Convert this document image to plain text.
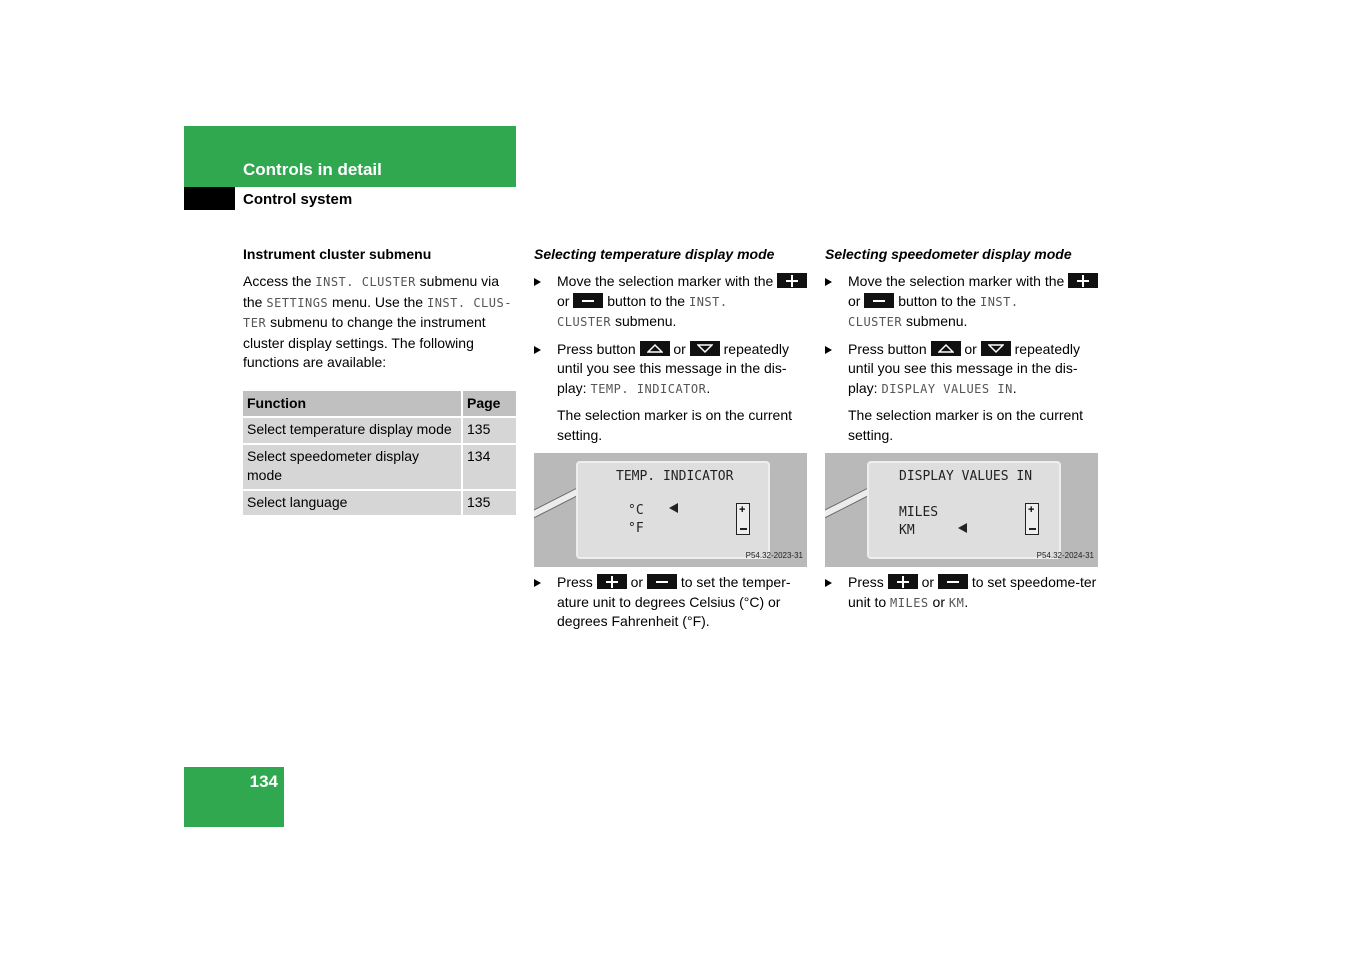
Controls in detail
Control system

Instrument cluster submenu

Access the INST. CLUSTER submenu via the SETTINGS menu. Use the INST. CLUS-
TER submenu to change the instrument cluster display settings. The following functions are available:

Function	Page
Select temperature display mode	135
Select speedometer display mode	134
Select language	135

Selecting temperature display mode

Move the selection marker with the  or	button to the INST.
CLUSTER submenu.
Press button	or	repeatedly until you see this message in the dis-play: TEMP. INDICATOR.

The selection marker is on the current setting.

TEMP. INDICATOR
°C
°F
+
P54.32-2023-31
Press	or	to set the temper-ature unit to degrees Celsius (°C) or degrees Fahrenheit (°F).

Selecting speedometer display mode

Move the selection marker with the  or	button to the INST.
CLUSTER submenu.
Press button	or	repeatedly until you see this message in the dis-play: DISPLAY VALUES IN.

The selection marker is on the current setting.

DISPLAY VALUES IN
MILES
KM
+
P54.32-2024-31
Press	or	to set speedome-ter unit to MILES or KM.
134
